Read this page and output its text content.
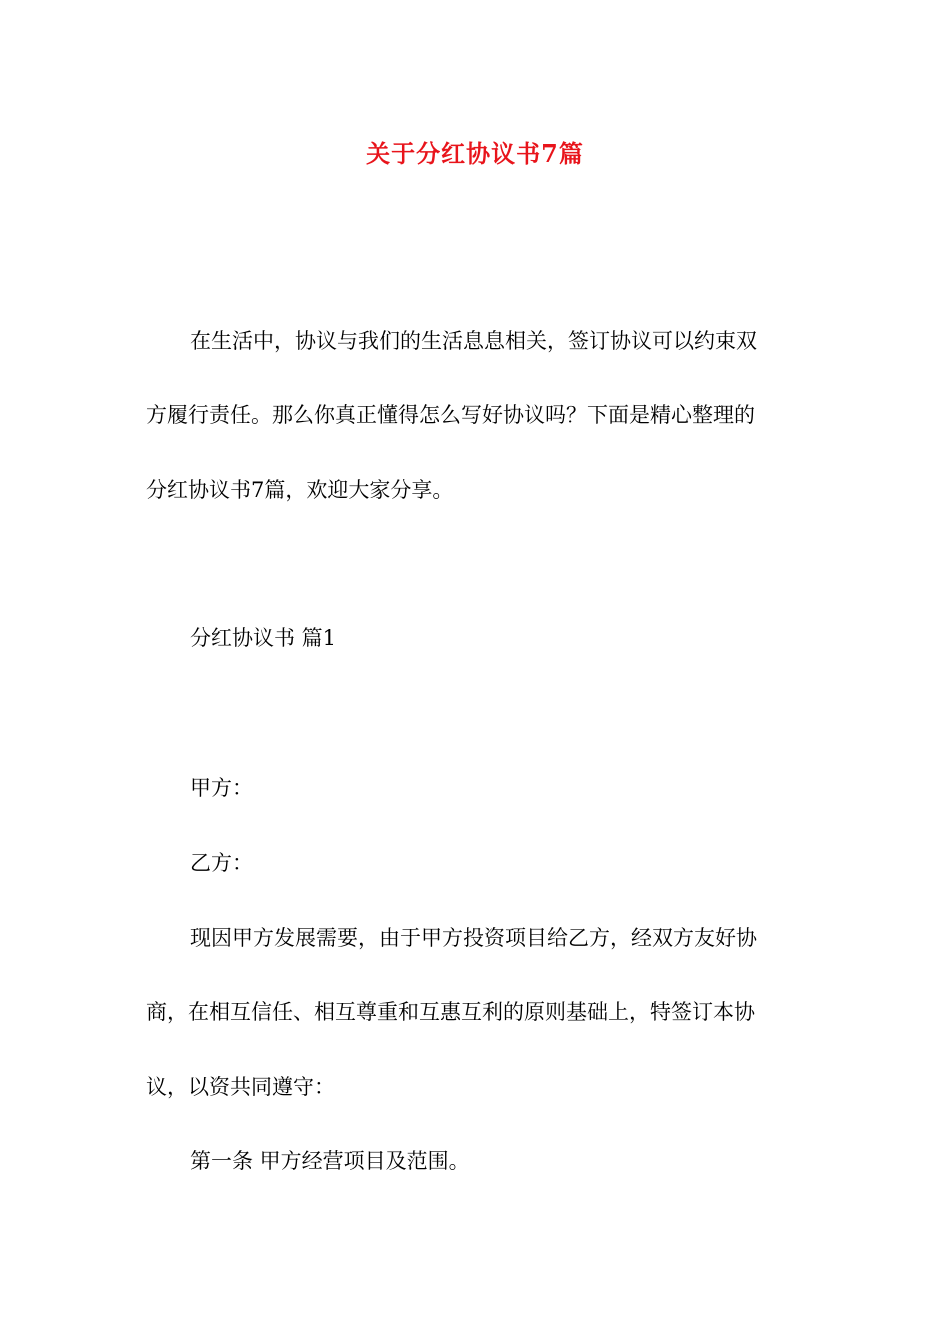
关于分红协议书7篇
在生活中，协议与我们的生活息息相关，签订协议可以约束双
方履行责任。那么你真正懂得怎么写好协议吗？下面是精心整理的
分红协议书7篇，欢迎大家分享。
分红协议书 篇1
甲方：
乙方：
现因甲方发展需要，由于甲方投资项目给乙方，经双方友好协
商，在相互信任、相互尊重和互惠互利的原则基础上，特签订本协
议，以资共同遵守：
第一条 甲方经营项目及范围。
